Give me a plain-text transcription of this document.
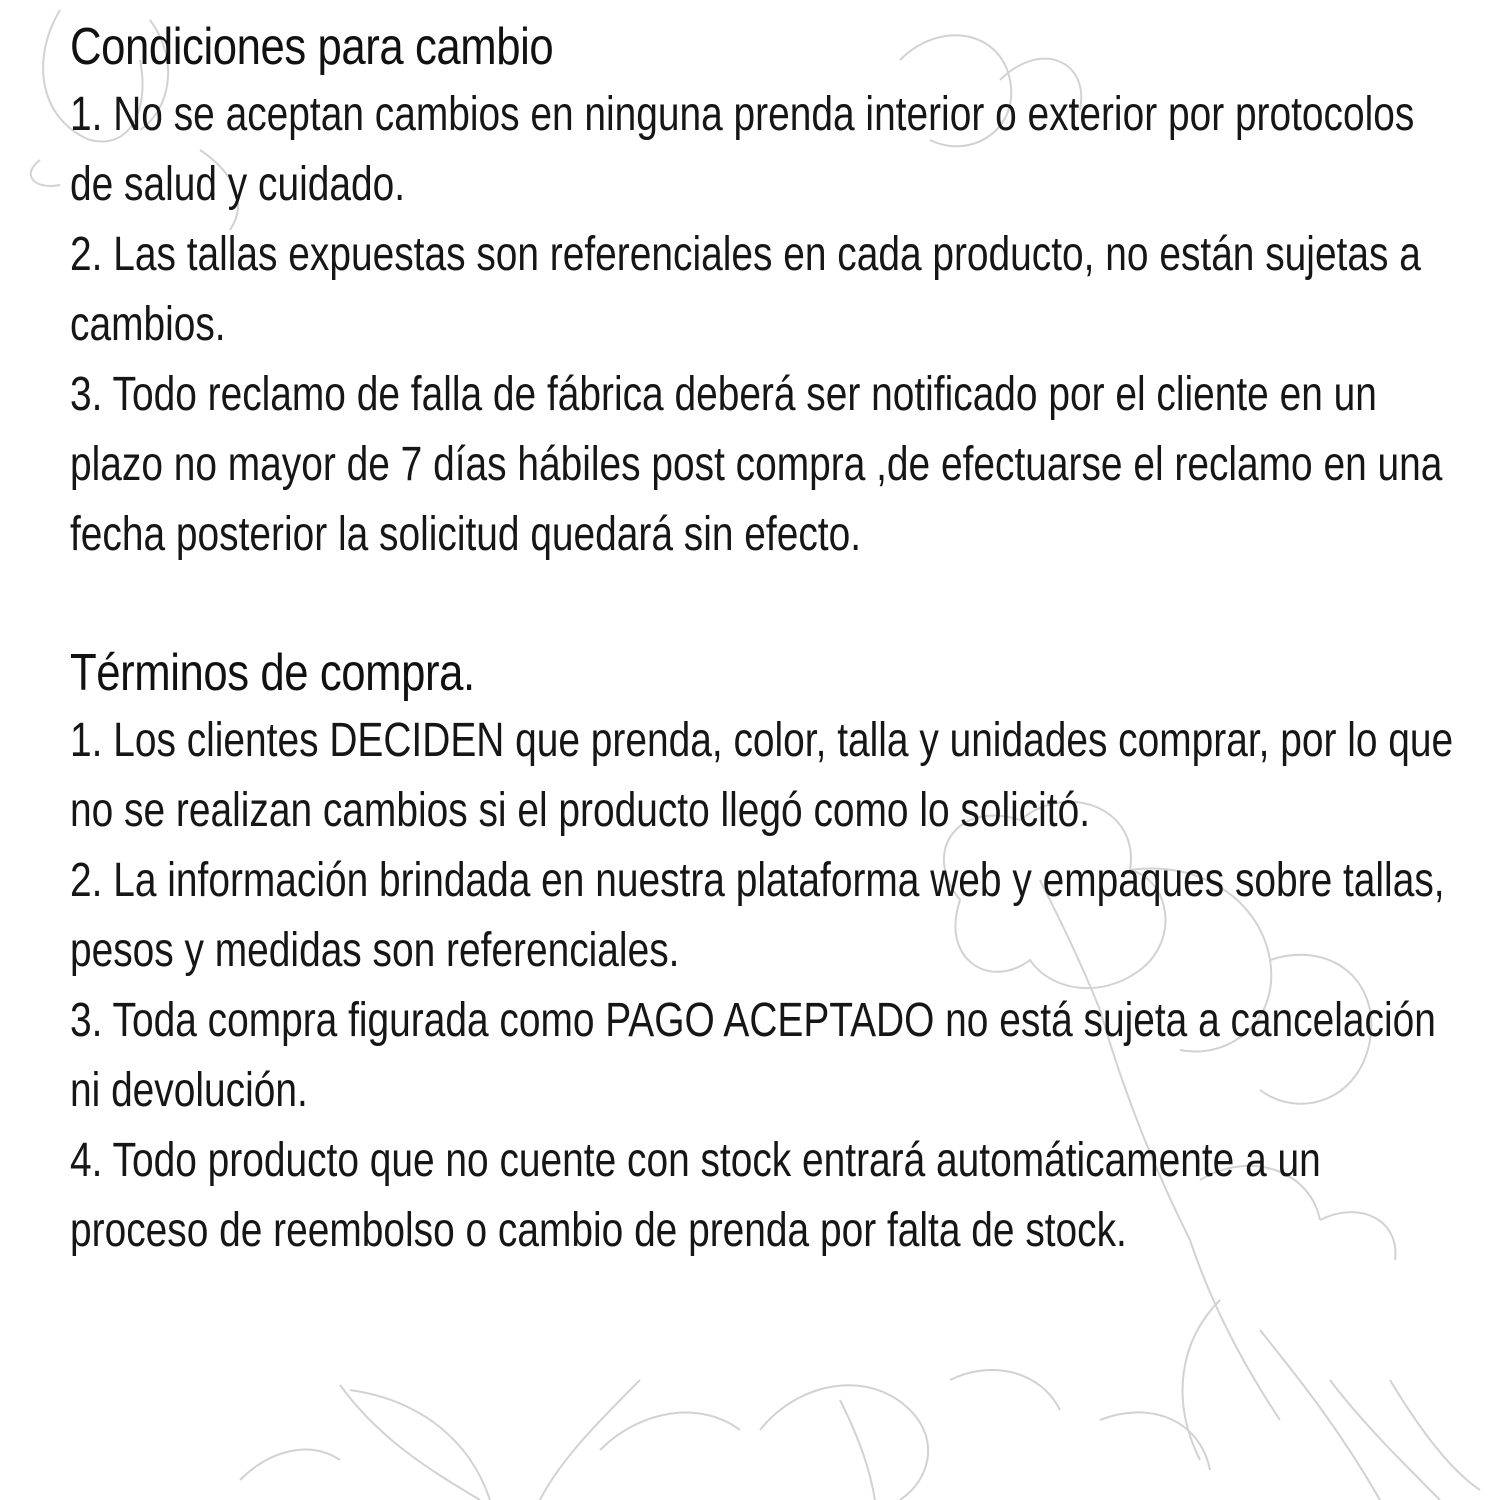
Condiciones para cambio

1. No se aceptan cambios en ninguna prenda interior o exterior por protocolos de salud y cuidado.

2. Las tallas expuestas son referenciales en cada producto, no están sujetas a cambios.

3. Todo reclamo de falla de fábrica deberá ser notificado por el cliente en un plazo no mayor de 7 días hábiles post compra ,de efectuarse el reclamo en una fecha posterior la solicitud quedará sin efecto.

Términos de compra.

1. Los clientes DECIDEN que prenda, color, talla y unidades comprar, por lo que no se realizan cambios si el producto llegó como lo solicitó.

2. La información brindada en nuestra plataforma web y empaques sobre tallas, pesos y medidas son referenciales.

3. Toda compra figurada como PAGO ACEPTADO no está sujeta a cancelación ni devolución.

4. Todo producto que no cuente con stock entrará automáticamente a un proceso de reembolso o cambio de prenda por falta de stock.
